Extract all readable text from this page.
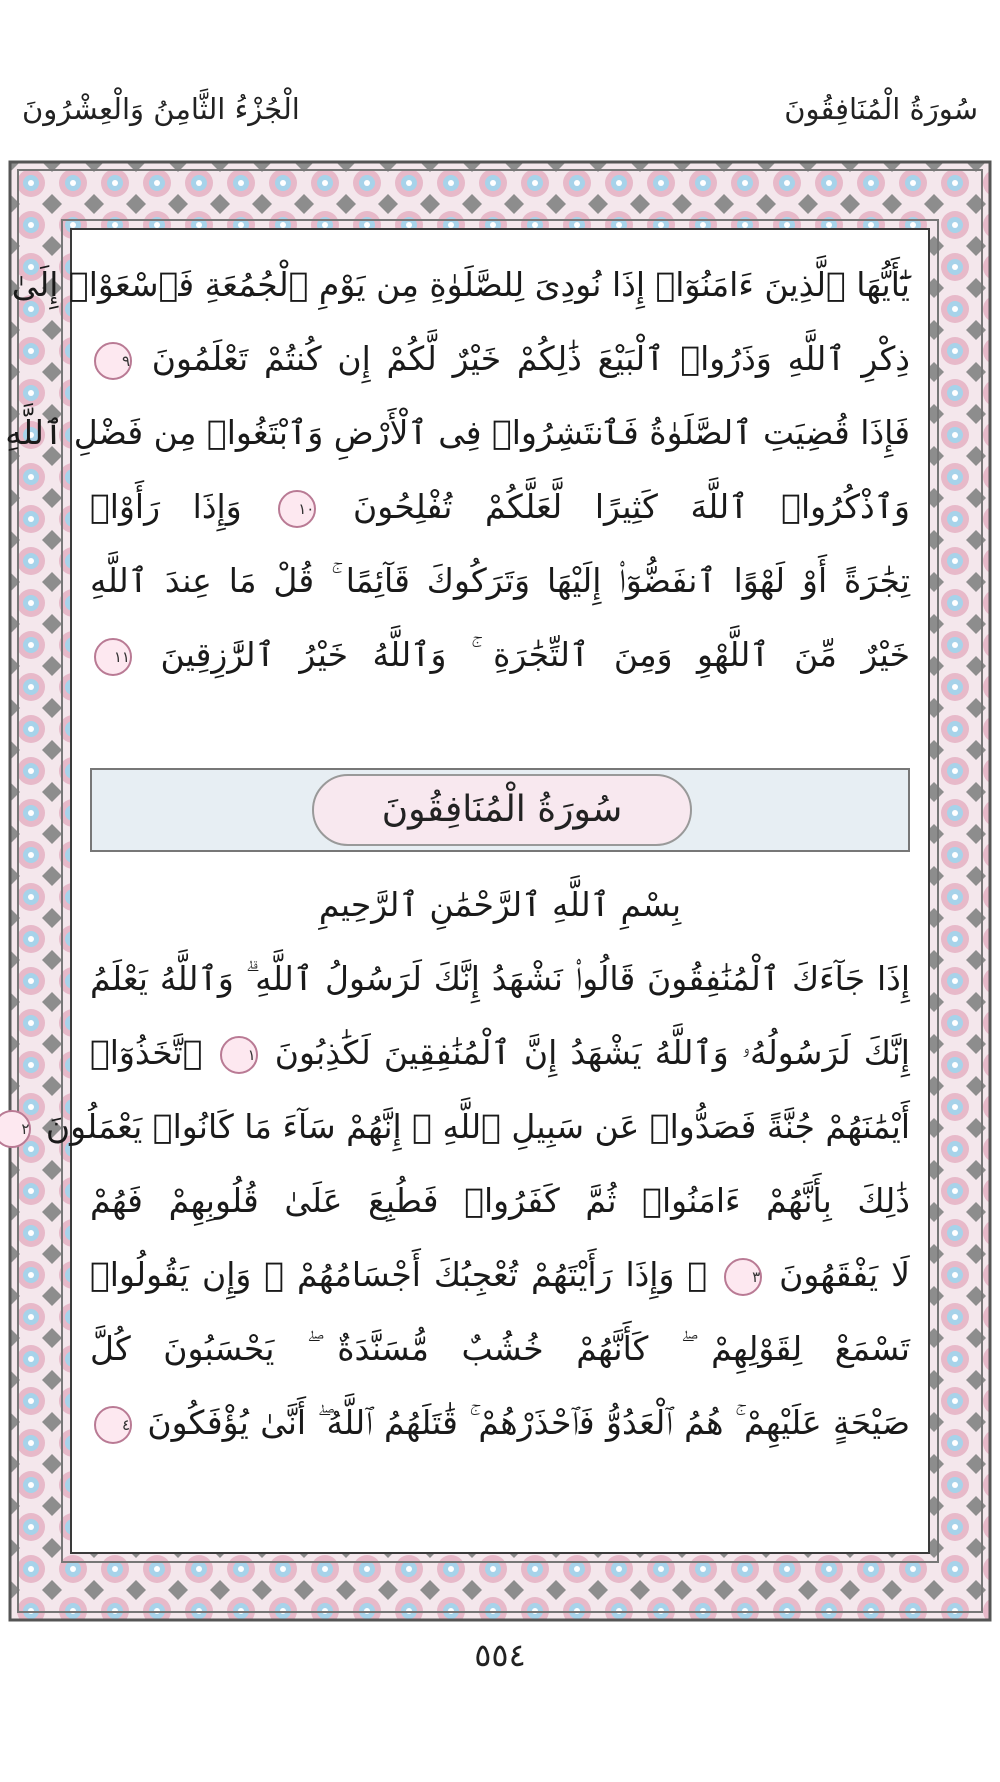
الْجُزْءُ الثَّامِنُ وَالْعِشْرُونَ	سُورَةُ الْمُنَافِقُونَ
يَٰٓأَيُّهَا ٱلَّذِينَ ءَامَنُوٓا۟ إِذَا نُودِىَ لِلصَّلَوٰةِ مِن يَوْمِ ٱلْجُمُعَةِ فَٱسْعَوْا۟ إِلَىٰ
ذِكْرِ ٱللَّهِ وَذَرُوا۟ ٱلْبَيْعَ ذَٰلِكُمْ خَيْرٌ لَّكُمْ إِن كُنتُمْ تَعْلَمُونَ ٩
فَإِذَا قُضِيَتِ ٱلصَّلَوٰةُ فَٱنتَشِرُوا۟ فِى ٱلْأَرْضِ وَٱبْتَغُوا۟ مِن فَضْلِ ٱللَّهِ
وَٱذْكُرُوا۟ ٱللَّهَ كَثِيرًا لَّعَلَّكُمْ تُفْلِحُونَ ١٠ وَإِذَا رَأَوْا۟
تِجَٰرَةً أَوْ لَهْوًا ٱنفَضُّوٓا۟ إِلَيْهَا وَتَرَكُوكَ قَآئِمًا ۚ قُلْ مَا عِندَ ٱللَّهِ
خَيْرٌ مِّنَ ٱللَّهْوِ وَمِنَ ٱلتِّجَٰرَةِ ۚ وَٱللَّهُ خَيْرُ ٱلرَّٰزِقِينَ ١١
سُورَةُ الْمُنَافِقُونَ
بِسْمِ ٱللَّهِ ٱلرَّحْمَٰنِ ٱلرَّحِيمِ
إِذَا جَآءَكَ ٱلْمُنَٰفِقُونَ قَالُوا۟ نَشْهَدُ إِنَّكَ لَرَسُولُ ٱللَّهِ ۗ وَٱللَّهُ يَعْلَمُ
إِنَّكَ لَرَسُولُهُۥ وَٱللَّهُ يَشْهَدُ إِنَّ ٱلْمُنَٰفِقِينَ لَكَٰذِبُونَ ١ ٱتَّخَذُوٓا۟
أَيْمَٰنَهُمْ جُنَّةً فَصَدُّوا۟ عَن سَبِيلِ ٱللَّهِ ۚ إِنَّهُمْ سَآءَ مَا كَانُوا۟ يَعْمَلُونَ ٢
ذَٰلِكَ بِأَنَّهُمْ ءَامَنُوا۟ ثُمَّ كَفَرُوا۟ فَطُبِعَ عَلَىٰ قُلُوبِهِمْ فَهُمْ
لَا يَفْقَهُونَ ٣ ۞ وَإِذَا رَأَيْتَهُمْ تُعْجِبُكَ أَجْسَامُهُمْ ۖ وَإِن يَقُولُوا۟
تَسْمَعْ لِقَوْلِهِمْ ۖ كَأَنَّهُمْ خُشُبٌ مُّسَنَّدَةٌ ۖ يَحْسَبُونَ كُلَّ
صَيْحَةٍ عَلَيْهِمْ ۚ هُمُ ٱلْعَدُوُّ فَٱحْذَرْهُمْ ۚ قَٰتَلَهُمُ ٱللَّهُ ۖ أَنَّىٰ يُؤْفَكُونَ ٤
٥٥٤
